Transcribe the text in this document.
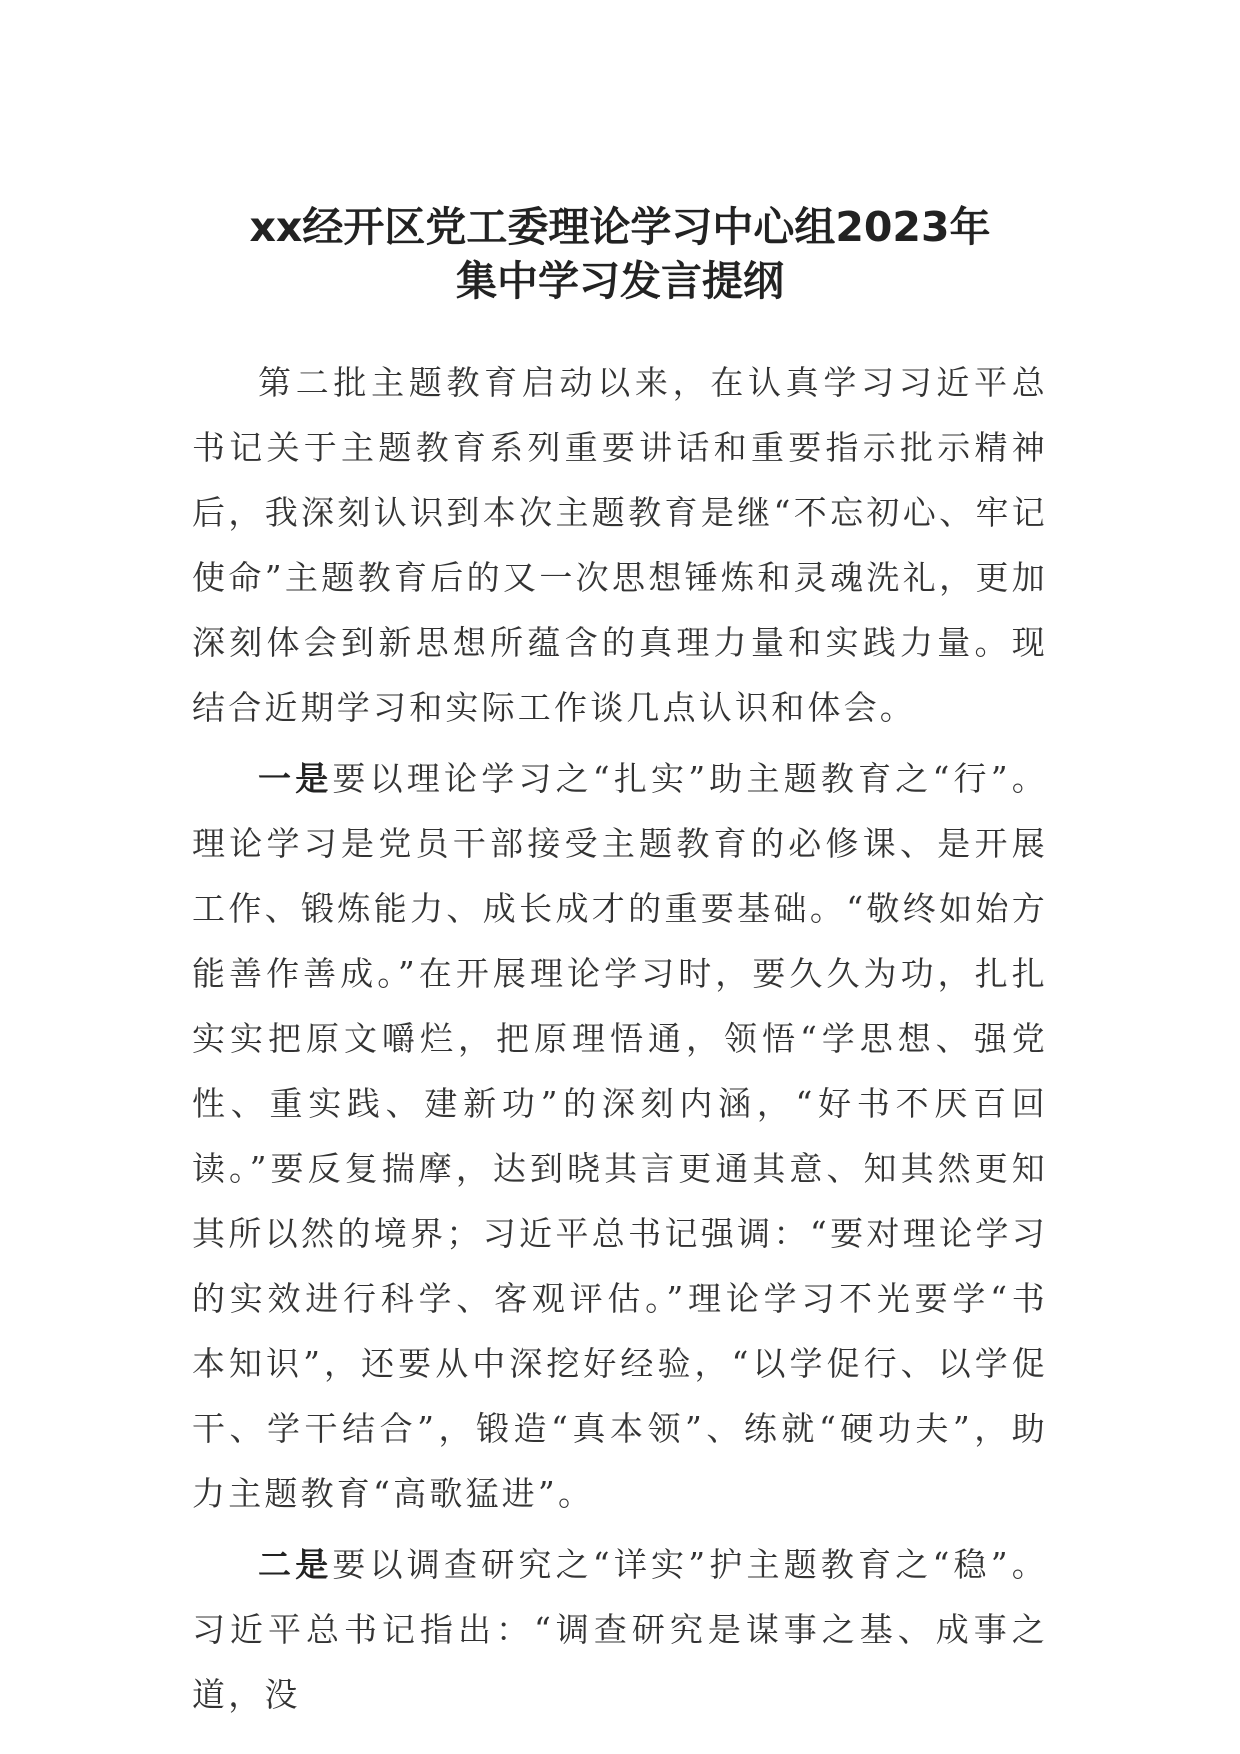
xx经开区党工委理论学习中心组2023年
集中学习发言提纲

第二批主题教育启动以来，在认真学习习近平总书记关于主题教育系列重要讲话和重要指示批示精神后，我深刻认识到本次主题教育是继“不忘初心、牢记使命”主题教育后的又一次思想锤炼和灵魂洗礼，更加深刻体会到新思想所蕴含的真理力量和实践力量。现结合近期学习和实际工作谈几点认识和体会。

一是要以理论学习之“扎实”助主题教育之“行”。理论学习是党员干部接受主题教育的必修课、是开展工作、锻炼能力、成长成才的重要基础。“敬终如始方能善作善成。”在开展理论学习时，要久久为功，扎扎实实把原文嚼烂，把原理悟通，领悟“学思想、强党性、重实践、建新功”的深刻内涵，“好书不厌百回读。”要反复揣摩，达到晓其言更通其意、知其然更知其所以然的境界；习近平总书记强调：“要对理论学习的实效进行科学、客观评估。”理论学习不光要学“书本知识”，还要从中深挖好经验，“以学促行、以学促干、学干结合”，锻造“真本领”、练就“硬功夫”，助力主题教育“高歌猛进”。

二是要以调查研究之“详实”护主题教育之“稳”。习近平总书记指出：“调查研究是谋事之基、成事之道，没
